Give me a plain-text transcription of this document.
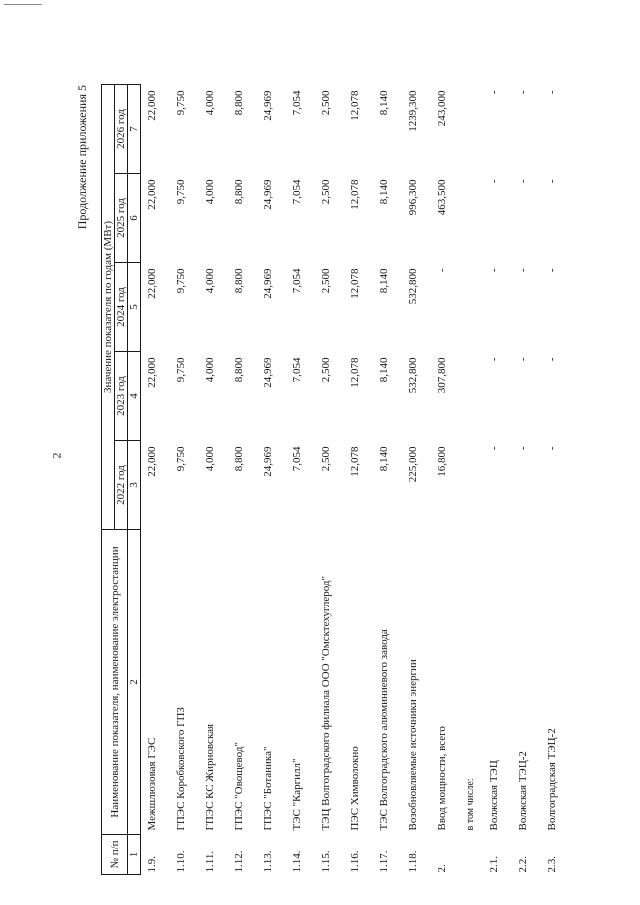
2
Продолжение приложения 5
№ п/п	Наименование показателя, наименование электростанции	Значение показателя по годам (МВт)				
		2022 год	2023 год	2024 год	2025 год	2026 год
1	2	3	4	5	6	7
1.9.	Межшлюзовая ГЭС	22,000	22,000	22,000	22,000	22,000
1.10.	ГПЭС Коробковского ГПЗ	9,750	9,750	9,750	9,750	9,750
1.11.	ГПЭС КС Жирновская	4,000	4,000	4,000	4,000	4,000
1.12.	ГПЭС "Овощевод"	8,800	8,800	8,800	8,800	8,800
1.13.	ГПЭС "Ботаника"	24,969	24,969	24,969	24,969	24,969
1.14.	ТЭС "Каргилл"	7,054	7,054	7,054	7,054	7,054
1.15.	ТЭЦ Волгоградского филиала ООО "Омсктехуглерод"	2,500	2,500	2,500	2,500	2,500
1.16.	ПЭС Химволокно	12,078	12,078	12,078	12,078	12,078
1.17.	ТЭС Волгоградского алюминиевого завода	8,140	8,140	8,140	8,140	8,140
1.18.	Возобновляемые источники энергии	225,000	532,800	532,800	996,300	1239,300
2.	Ввод мощности, всего	16,800	307,800	-	463,500	243,000
	в том числе:					
2.1.	Волжская ТЭЦ	-	-	-	-	-
2.2.	Волжская ТЭЦ-2	-	-	-	-	-
2.3.	Волгоградская ТЭЦ-2	-	-	-	-	-
